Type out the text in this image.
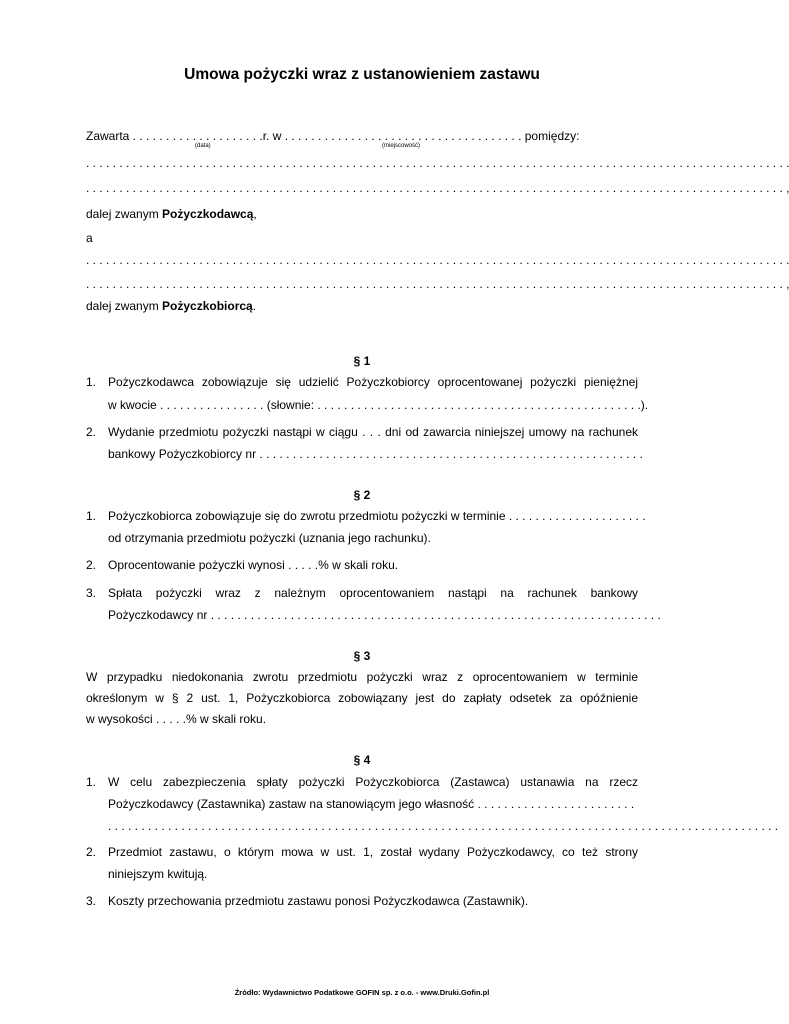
Umowa pożyczki wraz z ustanowieniem zastawu
Zawarta . . . . . . . . . . . . . . . . . . . .r. w . . . . . . . . . . . . . . . . . . . . . . . . . . . . . . . . . . . . pomiędzy:
(data)	(miejscowość)
. . . . . . . . . . . . . . . . . . . . . . . . . . . . . . . . . . . . . . . . . . . . . . . . . . . . . . . . . . . . . . . . . . . . . . . . . . . . . . . . . . . . . . . . . . . . . . . . . . . . . . . . . .
. . . . . . . . . . . . . . . . . . . . . . . . . . . . . . . . . . . . . . . . . . . . . . . . . . . . . . . . . . . . . . . . . . . . . . . . . . . . . . . . . . . . . . . . . . . . . . . . . . . . . . . . . ,
dalej zwanym Pożyczkodawcą,
a
. . . . . . . . . . . . . . . . . . . . . . . . . . . . . . . . . . . . . . . . . . . . . . . . . . . . . . . . . . . . . . . . . . . . . . . . . . . . . . . . . . . . . . . . . . . . . . . . . . . . . . . . . .
. . . . . . . . . . . . . . . . . . . . . . . . . . . . . . . . . . . . . . . . . . . . . . . . . . . . . . . . . . . . . . . . . . . . . . . . . . . . . . . . . . . . . . . . . . . . . . . . . . . . . . . . . ,
dalej zwanym Pożyczkobiorcą.
§ 1
1. Pożyczkodawca zobowiązuje się udzielić Pożyczkobiorcy oprocentowanej pożyczki pieniężnej
w kwocie . . . . . . . . . . . . . . . . (słownie: . . . . . . . . . . . . . . . . . . . . . . . . . . . . . . . . . . . . . . . . . . . . . . . . .).
2. Wydanie przedmiotu pożyczki nastąpi w ciągu . . . dni od zawarcia niniejszej umowy na rachunek
bankowy Pożyczkobiorcy nr . . . . . . . . . . . . . . . . . . . . . . . . . . . . . . . . . . . . . . . . . . . . . . . . . . . . . . . . . .
§ 2
1. Pożyczkobiorca zobowiązuje się do zwrotu przedmiotu pożyczki w terminie . . . . . . . . . . . . . . . . . . . . .
od otrzymania przedmiotu pożyczki (uznania jego rachunku).
2. Oprocentowanie pożyczki wynosi . . . . .% w skali roku.
3. Spłata pożyczki wraz z należnym oprocentowaniem nastąpi na rachunek bankowy
Pożyczkodawcy nr . . . . . . . . . . . . . . . . . . . . . . . . . . . . . . . . . . . . . . . . . . . . . . . . . . . . . . . . . . . . . . . . . . . .
§ 3
W przypadku niedokonania zwrotu przedmiotu pożyczki wraz z oprocentowaniem w terminie
określonym w § 2 ust. 1, Pożyczkobiorca zobowiązany jest do zapłaty odsetek za opóźnienie
w wysokości . . . . .% w skali roku.
§ 4
1. W celu zabezpieczenia spłaty pożyczki Pożyczkobiorca (Zastawca) ustanawia na rzecz
Pożyczkodawcy (Zastawnika) zastaw na stanowiącym jego własność . . . . . . . . . . . . . . . . . . . . . . . .
. . . . . . . . . . . . . . . . . . . . . . . . . . . . . . . . . . . . . . . . . . . . . . . . . . . . . . . . . . . . . . . . . . . . . . . . . . . . . . . . . . . . . . . . . . . . . . . . . . . . .
2. Przedmiot zastawu, o którym mowa w ust. 1, został wydany Pożyczkodawcy, co też strony
niniejszym kwitują.
3. Koszty przechowania przedmiotu zastawu ponosi Pożyczkodawca (Zastawnik).
Źródło: Wydawnictwo Podatkowe GOFIN sp. z o.o. - www.Druki.Gofin.pl
